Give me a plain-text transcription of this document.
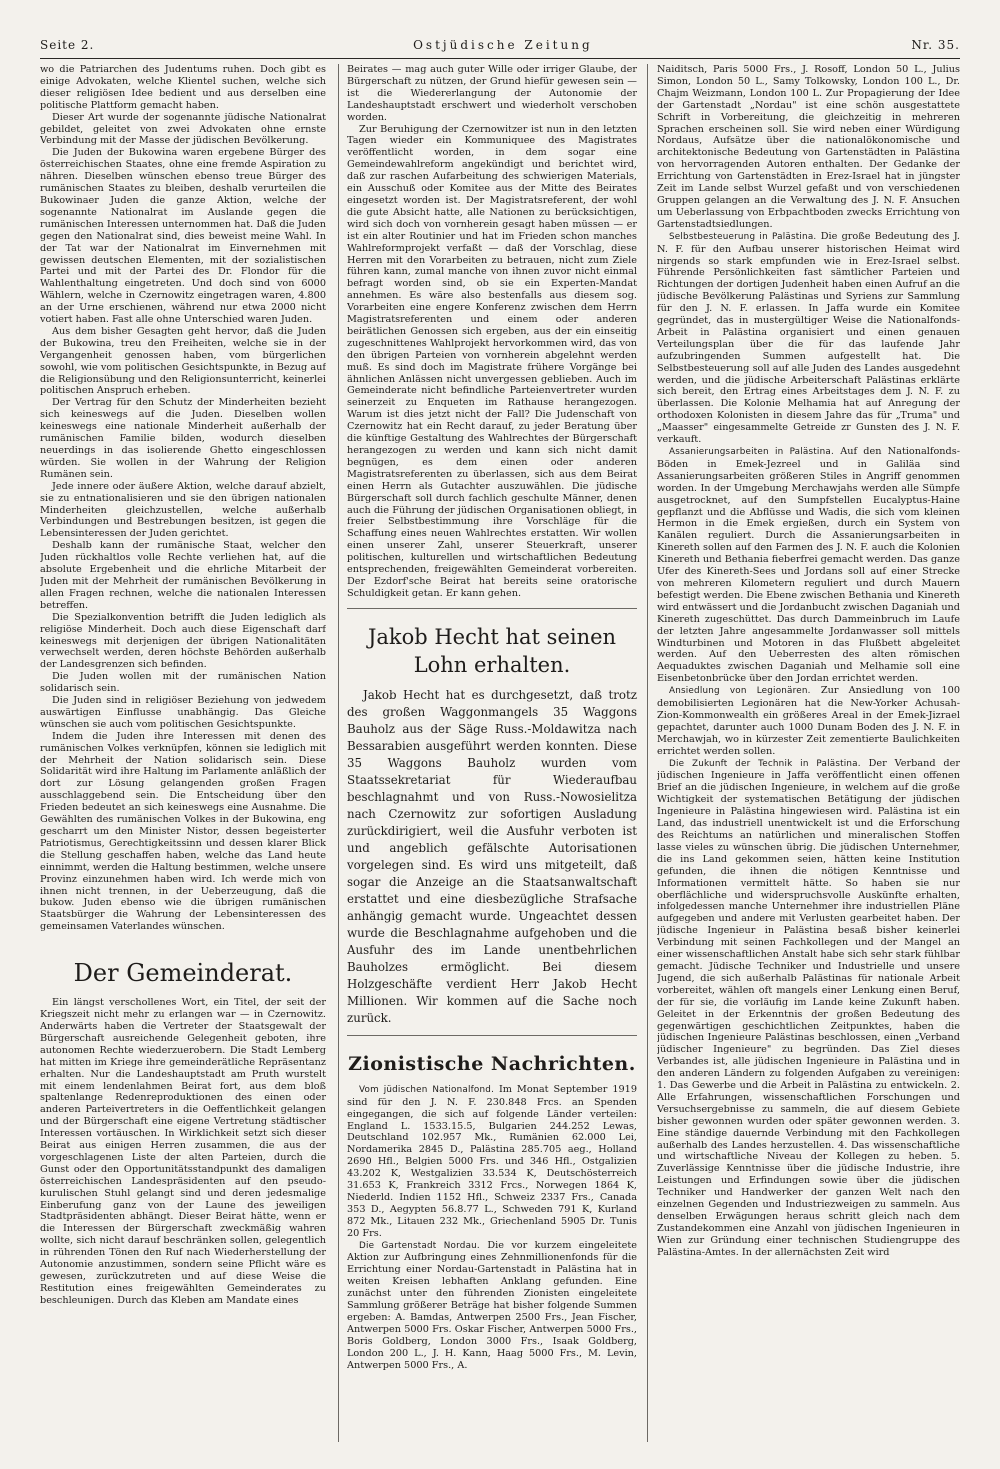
Seite 2.	Ostjüdische Zeitung	Nr. 35.

wo die Patriarchen des Judentums ruhen. Doch gibt es einige Advokaten, welche Klientel suchen, welche sich dieser religiösen Idee bedient und aus derselben eine politische Plattform gemacht haben.

Dieser Art wurde der sogenannte jüdische Nationalrat gebildet, geleitet von zwei Advokaten ohne ernste Verbindung mit der Masse der jüdischen Bevölkerung.

Die Juden der Bukowina waren ergebene Bürger des österreichischen Staates, ohne eine fremde Aspiration zu nähren. Dieselben wünschen ebenso treue Bürger des rumänischen Staates zu bleiben, deshalb verurteilen die Bukowinaer Juden die ganze Aktion, welche der sogenannte Nationalrat im Auslande gegen die rumänischen Interessen unternommen hat. Daß die Juden gegen den Nationalrat sind, dies beweist meine Wahl. In der Tat war der Nationalrat im Einvernehmen mit gewissen deutschen Elementen, mit der sozialistischen Partei und mit der Partei des Dr. Flondor für die Wahlenthaltung eingetreten. Und doch sind von 6000 Wählern, welche in Czernowitz eingetragen waren, 4.800 an der Urne erschienen, während nur etwa 2000 nicht votiert haben. Fast alle ohne Unterschied waren Juden.

Aus dem bisher Gesagten geht hervor, daß die Juden der Bukowina, treu den Freiheiten, welche sie in der Vergangenheit genossen haben, vom bürgerlichen sowohl, wie vom politischen Gesichtspunkte, in Bezug auf die Religionsübung und den Religionsunterricht, keinerlei politischen Anspruch erheben.

Der Vertrag für den Schutz der Minderheiten bezieht sich keineswegs auf die Juden. Dieselben wollen keineswegs eine nationale Minderheit außerhalb der rumänischen Familie bilden, wodurch dieselben neuerdings in das isolierende Ghetto eingeschlossen würden. Sie wollen in der Wahrung der Religion Rumänen sein.

Jede innere oder äußere Aktion, welche darauf abzielt, sie zu entnationalisieren und sie den übrigen nationalen Minderheiten gleichzustellen, welche außerhalb Verbindungen und Bestrebungen besitzen, ist gegen die Lebensinteressen der Juden gerichtet.

Deshalb kann der rumänische Staat, welcher den Juden rückhaltlos volle Rechte verliehen hat, auf die absolute Ergebenheit und die ehrliche Mitarbeit der Juden mit der Mehrheit der rumänischen Bevölkerung in allen Fragen rechnen, welche die nationalen Interessen betreffen.

Die Spezialkonvention betrifft die Juden lediglich als religiöse Minderheit. Doch auch diese Eigenschaft darf keineswegs mit derjenigen der übrigen Nationalitäten verwechselt werden, deren höchste Behörden außerhalb der Landesgrenzen sich befinden.

Die Juden wollen mit der rumänischen Nation solidarisch sein.

Die Juden sind in religiöser Beziehung von jedwedem auswärtigen Einflusse unabhängig. Das Gleiche wünschen sie auch vom politischen Gesichtspunkte.

Indem die Juden ihre Interessen mit denen des rumänischen Volkes verknüpfen, können sie lediglich mit der Mehrheit der Nation solidarisch sein. Diese Solidarität wird ihre Haltung im Parlamente anläßlich der dort zur Lösung gelangenden großen Fragen ausschlaggebend sein. Die Entscheidung über den Frieden bedeutet an sich keineswegs eine Ausnahme. Die Gewählten des rumänischen Volkes in der Bukowina, eng gescharrt um den Minister Nistor, dessen begeisterter Patriotismus, Gerechtigkeitssinn und dessen klarer Blick die Stellung geschaffen haben, welche das Land heute einnimmt, werden die Haltung bestimmen, welche unsere Provinz einzunehmen haben wird. Ich werde mich von ihnen nicht trennen, in der Ueberzeugung, daß die bukow. Juden ebenso wie die übrigen rumänischen Staatsbürger die Wahrung der Lebensinteressen des gemeinsamen Vaterlandes wünschen.

Der Gemeinderat.

Ein längst verschollenes Wort, ein Titel, der seit der Kriegszeit nicht mehr zu erlangen war — in Czernowitz. Anderwärts haben die Vertreter der Staatsgewalt der Bürgerschaft ausreichende Gelegenheit geboten, ihre autonomen Rechte wiederzuerobern. Die Stadt Lemberg hat mitten im Kriege ihre gemeinderätliche Repräsentanz erhalten. Nur die Landeshauptstadt am Pruth wurstelt mit einem lendenlahmen Beirat fort, aus dem bloß spaltenlange Redenreproduktionen des einen oder anderen Parteivertreters in die Oeffentlichkeit gelangen und der Bürgerschaft eine eigene Vertretung städtischer Interessen vortäuschen. In Wirklichkeit setzt sich dieser Beirat aus einigen Herren zusammen, die aus der vorgeschlagenen Liste der alten Parteien, durch die Gunst oder den Opportunitätsstandpunkt des damaligen österreichischen Landespräsidenten auf den pseudo-kurulischen Stuhl gelangt sind und deren jedesmalige Einberufung ganz von der Laune des jeweiligen Stadtpräsidenten abhängt. Dieser Beirat hätte, wenn er die Interessen der Bürgerschaft zweckmäßig wahren wollte, sich nicht darauf beschränken sollen, gelegentlich in rührenden Tönen den Ruf nach Wiederherstellung der Autonomie anzustimmen, sondern seine Pflicht wäre es gewesen, zurückzutreten und auf diese Weise die Restitution eines freigewählten Gemeinderates zu beschleunigen. Durch das Kleben am Mandate eines

Beirates — mag auch guter Wille oder irriger Glaube, der Bürgerschaft zu nützen, der Grund hiefür gewesen sein — ist die Wiedererlangung der Autonomie der Landeshauptstadt erschwert und wiederholt verschoben worden.

Zur Beruhigung der Czernowitzer ist nun in den letzten Tagen wieder ein Kommuniquee des Magistrates veröffentlicht worden, in dem sogar eine Gemeindewahlreform angekündigt und berichtet wird, daß zur raschen Aufarbeitung des schwierigen Materials, ein Ausschuß oder Komitee aus der Mitte des Beirates eingesetzt worden ist. Der Magistratsreferent, der wohl die gute Absicht hatte, alle Nationen zu berücksichtigen, wird sich doch von vornherein gesagt haben müssen — er ist ein alter Routinier und hat im Frieden schon manches Wahlreformprojekt verfaßt — daß der Vorschlag, diese Herren mit den Vorarbeiten zu betrauen, nicht zum Ziele führen kann, zumal manche von ihnen zuvor nicht einmal befragt worden sind, ob sie ein Experten-Mandat annehmen. Es wäre also bestenfalls aus diesem sog. Vorarbeiten eine engere Konferenz zwischen dem Herrn Magistratsreferenten und einem oder anderen beirätlichen Genossen sich ergeben, aus der ein einseitig zugeschnittenes Wahlprojekt hervorkommen wird, das von den übrigen Parteien von vornherein abgelehnt werden muß. Es sind doch im Magistrate frühere Vorgänge bei ähnlichen Anlässen nicht unvergessen geblieben. Auch im Gemeinderate nicht befindliche Parteienvertreter wurden seinerzeit zu Enqueten im Rathause herangezogen. Warum ist dies jetzt nicht der Fall? Die Judenschaft von Czernowitz hat ein Recht darauf, zu jeder Beratung über die künftige Gestaltung des Wahlrechtes der Bürgerschaft herangezogen zu werden und kann sich nicht damit begnügen, es dem einen oder anderen Magistratsreferenten zu überlassen, sich aus dem Beirat einen Herrn als Gutachter auszuwählen. Die jüdische Bürgerschaft soll durch fachlich geschulte Männer, denen auch die Führung der jüdischen Organisationen obliegt, in freier Selbstbestimmung ihre Vorschläge für die Schaffung eines neuen Wahlrechtes erstatten. Wir wollen einen unserer Zahl, unserer Steuerkraft, unserer politischen, kulturellen und wirtschaftlichen Bedeutung entsprechenden, freigewählten Gemeinderat vorbereiten. Der Ezdorf'sche Beirat hat bereits seine oratorische Schuldigkeit getan. Er kann gehen.

Jakob Hecht hat seinen Lohn erhalten.

Jakob Hecht hat es durchgesetzt, daß trotz des großen Waggonmangels 35 Waggons Bauholz aus der Säge Russ.-Moldawitza nach Bessarabien ausgeführt werden konnten. Diese 35 Waggons Bauholz wurden vom Staatssekretariat für Wiederaufbau beschlagnahmt und von Russ.-Nowosielitza nach Czernowitz zur sofortigen Ausladung zurückdirigiert, weil die Ausfuhr verboten ist und angeblich gefälschte Autorisationen vorgelegen sind. Es wird uns mitgeteilt, daß sogar die Anzeige an die Staatsanwaltschaft erstattet und eine diesbezügliche Strafsache anhängig gemacht wurde. Ungeachtet dessen wurde die Beschlagnahme aufgehoben und die Ausfuhr des im Lande unentbehrlichen Bauholzes ermöglicht. Bei diesem Holzgeschäfte verdient Herr Jakob Hecht Millionen. Wir kommen auf die Sache noch zurück.

Zionistische Nachrichten.

Vom jüdischen Nationalfond. Im Monat September 1919 sind für den J. N. F. 230.848 Frcs. an Spenden eingegangen, die sich auf folgende Länder verteilen: England L. 1533.15.5, Bulgarien 244.252 Lewas, Deutschland 102.957 Mk., Rumänien 62.000 Lei, Nordamerika 2845 D., Palästina 285.705 aeg., Holland 2690 Hfl., Belgien 5000 Frs. und 346 Hfl., Ostgalizien 43.202 K, Westgalizien 33.534 K, Deutschösterreich 31.653 K, Frankreich 3312 Frcs., Norwegen 1864 K, Niederld. Indien 1152 Hfl., Schweiz 2337 Frs., Canada 353 D., Aegypten 56.8.77 L., Schweden 791 K, Kurland 872 Mk., Litauen 232 Mk., Griechenland 5905 Dr. Tunis 20 Frs.

Die Gartenstadt Nordau. Die vor kurzem eingeleitete Aktion zur Aufbringung eines Zehnmillionenfonds für die Errichtung einer Nordau-Gartenstadt in Palästina hat in weiten Kreisen lebhaften Anklang gefunden. Eine zunächst unter den führenden Zionisten eingeleitete Sammlung größerer Beträge hat bisher folgende Summen ergeben: A. Bamdas, Antwerpen 2500 Frs., Jean Fischer, Antwerpen 5000 Frs. Oskar Fischer, Antwerpen 5000 Frs., Boris Goldberg, London 3000 Frs., Isaak Goldberg, London 200 L., J. H. Kann, Haag 5000 Frs., M. Levin, Antwerpen 5000 Frs., A.

Naiditsch, Paris 5000 Frs., J. Rosoff, London 50 L., Julius Simon, London 50 L., Samy Tolkowsky, London 100 L., Dr. Chajm Weizmann, London 100 L. Zur Propagierung der Idee der Gartenstadt „Nordau" ist eine schön ausgestattete Schrift in Vorbereitung, die gleichzeitig in mehreren Sprachen erscheinen soll. Sie wird neben einer Würdigung Nordaus, Aufsätze über die nationalökonomische und architektonische Bedeutung von Gartenstädten in Palästina von hervorragenden Autoren enthalten. Der Gedanke der Errichtung von Gartenstädten in Erez-Israel hat in jüngster Zeit im Lande selbst Wurzel gefaßt und von verschiedenen Gruppen gelangen an die Verwaltung des J. N. F. Ansuchen um Ueberlassung von Erbpachtboden zwecks Errichtung von Gartenstadtsiedlungen.

Selbstbesteuerung in Palästina. Die große Bedeutung des J. N. F. für den Aufbau unserer historischen Heimat wird nirgends so stark empfunden wie in Erez-Israel selbst. Führende Persönlichkeiten fast sämtlicher Parteien und Richtungen der dortigen Judenheit haben einen Aufruf an die jüdische Bevölkerung Palästinas und Syriens zur Sammlung für den J. N. F. erlassen. In Jaffa wurde ein Komitee gegründet, das in mustergültiger Weise die Nationalfonds-Arbeit in Palästina organisiert und einen genauen Verteilungsplan über die für das laufende Jahr aufzubringenden Summen aufgestellt hat. Die Selbstbesteuerung soll auf alle Juden des Landes ausgedehnt werden, und die jüdische Arbeiterschaft Palästinas erklärte sich bereit, den Ertrag eines Arbeitstages dem J. N. F. zu überlassen. Die Kolonie Melhamia hat auf Anregung der orthodoxen Kolonisten in diesem Jahre das für „Truma" und „Maasser" eingesammelte Getreide zr Gunsten des J. N. F. verkauft.

Assanierungsarbeiten in Palästina. Auf den Nationalfonds-Böden in Emek-Jezreel und in Galiläa sind Assanierungsarbeiten größeren Stiles in Angriff genommen worden. In der Umgebung Merchawjahs werden alle Sümpfe ausgetrocknet, auf den Sumpfstellen Eucalyptus-Haine gepflanzt und die Abflüsse und Wadis, die sich vom kleinen Hermon in die Emek ergießen, durch ein System von Kanälen reguliert. Durch die Assanierungsarbeiten in Kinereth sollen auf den Farmen des J. N. F. auch die Kolonien Kinereth und Bethania fieberfrei gemacht werden. Das ganze Ufer des Kinereth-Sees und Jordans soll auf einer Strecke von mehreren Kilometern reguliert und durch Mauern befestigt werden. Die Ebene zwischen Bethania und Kinereth wird entwässert und die Jordanbucht zwischen Daganiah und Kinereth zugeschüttet. Das durch Dammeinbruch im Laufe der letzten Jahre angesammelte Jordanwasser soll mittels Windturbinen und Motoren in das Flußbett abgeleitet werden. Auf den Ueberresten des alten römischen Aequaduktes zwischen Daganiah und Melhamie soll eine Eisenbetonbrücke über den Jordan errichtet werden.

Ansiedlung von Legionären. Zur Ansiedlung von 100 demobilisierten Legionären hat die New-Yorker Achusah-Zion-Kommonwealth ein größeres Areal in der Emek-Jizrael gepachtet, darunter auch 1000 Dunam Boden des J. N. F. in Merchawjah, wo in kürzester Zeit zementierte Baulichkeiten errichtet werden sollen.

Die Zukunft der Technik in Palästina. Der Verband der jüdischen Ingenieure in Jaffa veröffentlicht einen offenen Brief an die jüdischen Ingenieure, in welchem auf die große Wichtigkeit der systematischen Betätigung der jüdischen Ingenieure in Palästina hingewiesen wird. Palästina ist ein Land, das industriell unentwickelt ist und die Erforschung des Reichtums an natürlichen und mineralischen Stoffen lasse vieles zu wünschen übrig. Die jüdischen Unternehmer, die ins Land gekommen seien, hätten keine Institution gefunden, die ihnen die nötigen Kenntnisse und Informationen vermittelt hätte. So haben sie nur oberflächliche und widerspruchsvolle Auskünfte erhalten, infolgedessen manche Unternehmer ihre industriellen Pläne aufgegeben und andere mit Verlusten gearbeitet haben. Der jüdische Ingenieur in Palästina besaß bisher keinerlei Verbindung mit seinen Fachkollegen und der Mangel an einer wissenschaftlichen Anstalt habe sich sehr stark fühlbar gemacht. Jüdische Techniker und Industrielle und unsere Jugend, die sich außerhalb Palästinas für nationale Arbeit vorbereitet, wählen oft mangels einer Lenkung einen Beruf, der für sie, die vorläufig im Lande keine Zukunft haben. Geleitet in der Erkenntnis der großen Bedeutung des gegenwärtigen geschichtlichen Zeitpunktes, haben die jüdischen Ingenieure Palästinas beschlossen, einen „Verband jüdischer Ingenieure" zu begründen. Das Ziel dieses Verbandes ist, alle jüdischen Ingenieure in Palästina und in den anderen Ländern zu folgenden Aufgaben zu vereinigen: 1. Das Gewerbe und die Arbeit in Palästina zu entwickeln. 2. Alle Erfahrungen, wissenschaftlichen Forschungen und Versuchsergebnisse zu sammeln, die auf diesem Gebiete bisher gewonnen wurden oder später gewonnen werden. 3. Eine ständige dauernde Verbindung mit den Fachkollegen außerhalb des Landes herzustellen. 4. Das wissenschaftliche und wirtschaftliche Niveau der Kollegen zu heben. 5. Zuverlässige Kenntnisse über die jüdische Industrie, ihre Leistungen und Erfindungen sowie über die jüdischen Techniker und Handwerker der ganzen Welt nach den einzelnen Gegenden und Industriezweigen zu sammeln. Aus denselben Erwägungen heraus schritt gleich nach dem Zustandekommen eine Anzahl von jüdischen Ingenieuren in Wien zur Gründung einer technischen Studiengruppe des Palästina-Amtes. In der allernächsten Zeit wird
